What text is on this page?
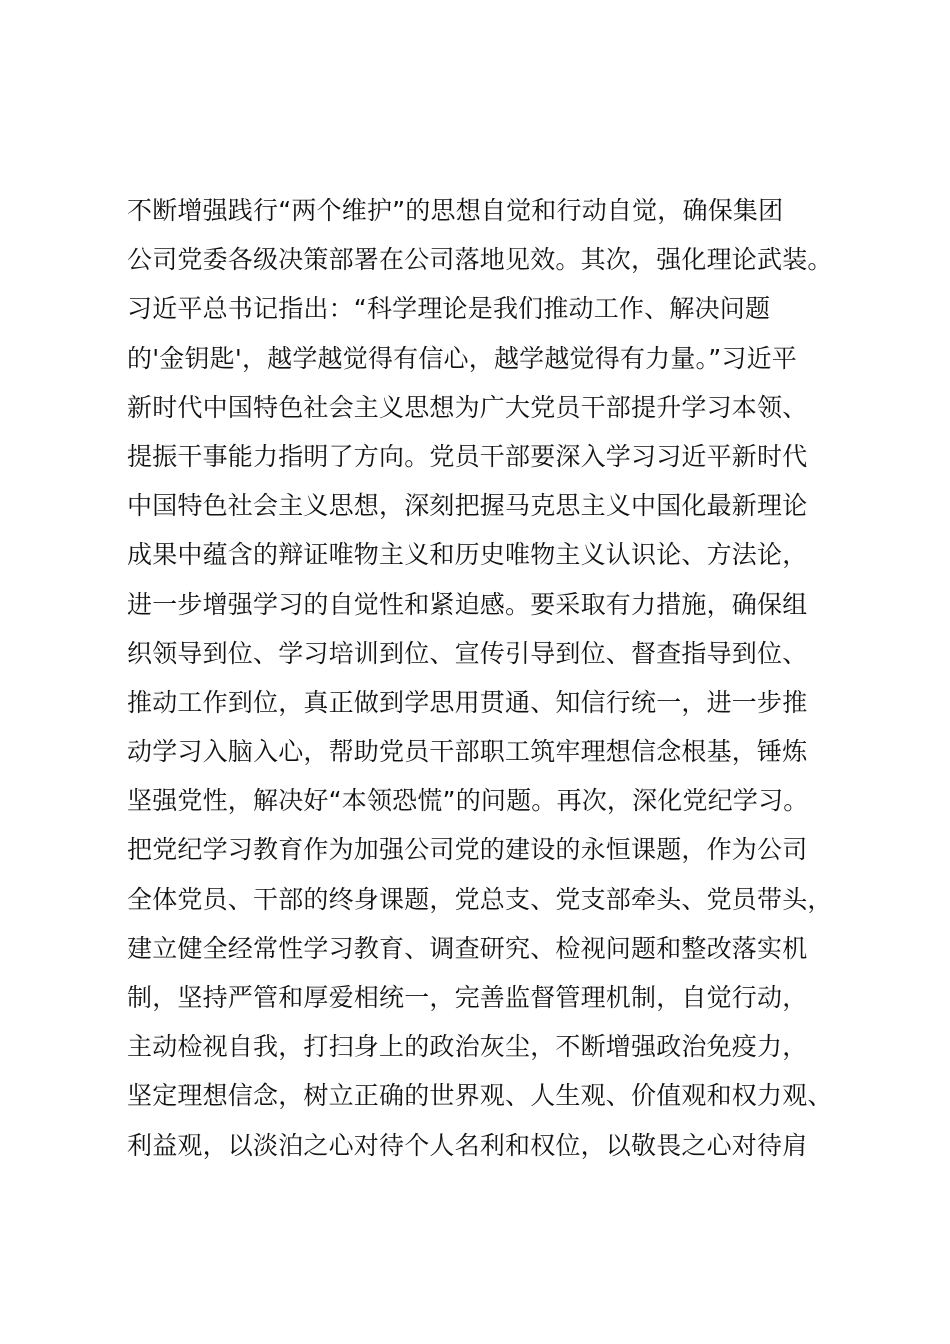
不断增强践行“两个维护”的思想自觉和行动自觉，确保集团
公司党委各级决策部署在公司落地见效。其次，强化理论武装。
习近平总书记指出：“科学理论是我们推动工作、解决问题
的'金钥匙'，越学越觉得有信心，越学越觉得有力量。”习近平
新时代中国特色社会主义思想为广大党员干部提升学习本领、
提振干事能力指明了方向。党员干部要深入学习习近平新时代
中国特色社会主义思想，深刻把握马克思主义中国化最新理论
成果中蕴含的辩证唯物主义和历史唯物主义认识论、方法论，
进一步增强学习的自觉性和紧迫感。要采取有力措施，确保组
织领导到位、学习培训到位、宣传引导到位、督查指导到位、
推动工作到位，真正做到学思用贯通、知信行统一，进一步推
动学习入脑入心，帮助党员干部职工筑牢理想信念根基，锤炼
坚强党性，解决好“本领恐慌”的问题。再次，深化党纪学习。
把党纪学习教育作为加强公司党的建设的永恒课题，作为公司
全体党员、干部的终身课题，党总支、党支部牵头、党员带头，
建立健全经常性学习教育、调查研究、检视问题和整改落实机
制，坚持严管和厚爱相统一，完善监督管理机制，自觉行动，
主动检视自我，打扫身上的政治灰尘，不断增强政治免疫力，
坚定理想信念，树立正确的世界观、人生观、价值观和权力观、
利益观，以淡泊之心对待个人名利和权位，以敬畏之心对待肩
